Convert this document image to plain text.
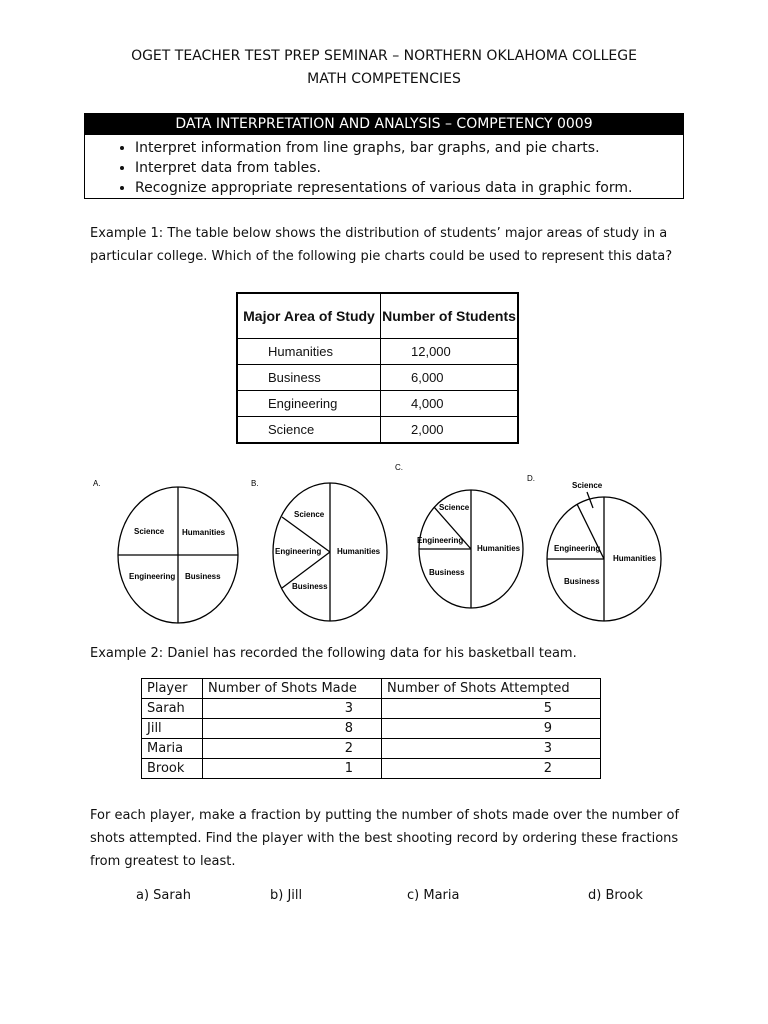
OGET TEACHER TEST PREP SEMINAR – NORTHERN OKLAHOMA COLLEGE
MATH COMPETENCIES
DATA INTERPRETATION AND ANALYSIS – COMPETENCY 0009
• Interpret information from line graphs, bar graphs, and pie charts.
• Interpret data from tables.
• Recognize appropriate representations of various data in graphic form.
Example 1: The table below shows the distribution of students’ major areas of study in a particular college. Which of the following pie charts could be used to represent this data?
Major Area of Study	Number of Students
Humanities	12,000
Business	6,000
Engineering	4,000
Science	2,000
A.	B.
C.
D.
Science Humanities
Engineering Business
Science
Humanities
Engineering
Business
Science
Humanities
Engineering
Business
Science
Humanities
Engineering
Business
Example 2: Daniel has recorded the following data for his basketball team.
Player	Number of Shots Made	Number of Shots Attempted
Sarah	3	5
Jill	8	9
Maria	2	3
Brook	1	2
For each player, make a fraction by putting the number of shots made over the number of shots attempted. Find the player with the best shooting record by ordering these fractions from greatest to least.
a) Sarah	b) Jill	c) Maria	d) Brook
